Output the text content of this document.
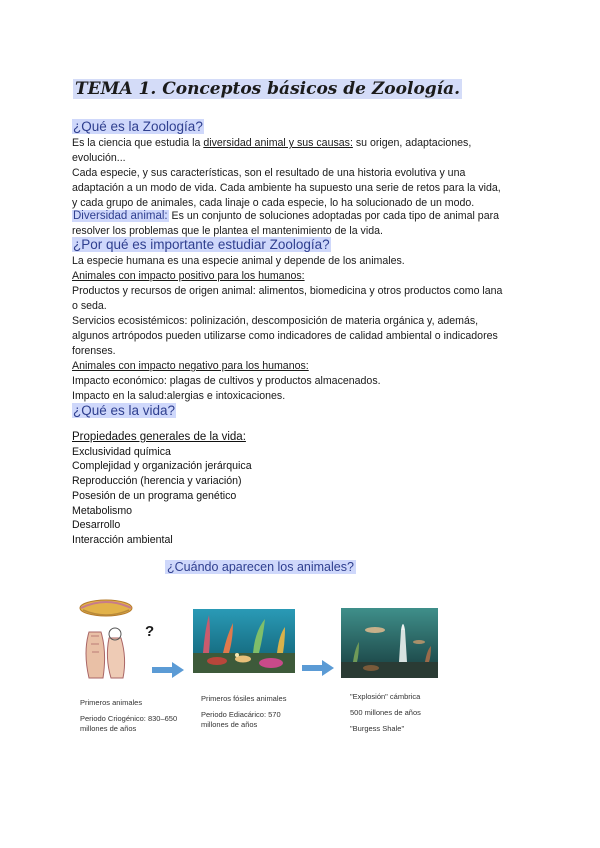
TEMA 1. Conceptos básicos de Zoología.
¿Qué es la Zoología?
Es la ciencia que estudia la diversidad animal y sus causas: su origen, adaptaciones,
evolución...
Cada especie, y sus características, son el resultado de una historia evolutiva y una
adaptación a un modo de vida. Cada ambiente ha supuesto una serie de retos para la vida,
y cada grupo de animales, cada linaje o cada especie, lo ha solucionado de un modo.
Diversidad animal: Es un conjunto de soluciones adoptadas por cada tipo de animal para
resolver los problemas que le plantea el mantenimiento de la vida.
¿Por qué es importante estudiar Zoología?
La especie humana es una especie animal y depende de los animales.
Animales con impacto positivo para los humanos:
Productos y recursos de origen animal: alimentos, biomedicina y otros productos como lana
o seda.
Servicios ecosistémicos: polinización, descomposición de materia orgánica y, además,
algunos artrópodos pueden utilizarse como indicadores de calidad ambiental o indicadores
forenses.
Animales con impacto negativo para los humanos:
Impacto económico: plagas de cultivos y productos almacenados.
Impacto en la salud:alergias e intoxicaciones.
¿Qué es la vida?
Propiedades generales de la vida:
Exclusividad química
Complejidad y organización jerárquica
Reproducción (herencia y variación)
Posesión de un programa genético
Metabolismo
Desarrollo
Interacción ambiental
¿Cuándo aparecen los animales?
?
Primeros animales
Periodo Criogénico: 830–650
millones de años
Primeros fósiles animales
Periodo Ediacárico: 570
millones de años
"Explosión" cámbrica
500 millones de años
"Burgess Shale"
